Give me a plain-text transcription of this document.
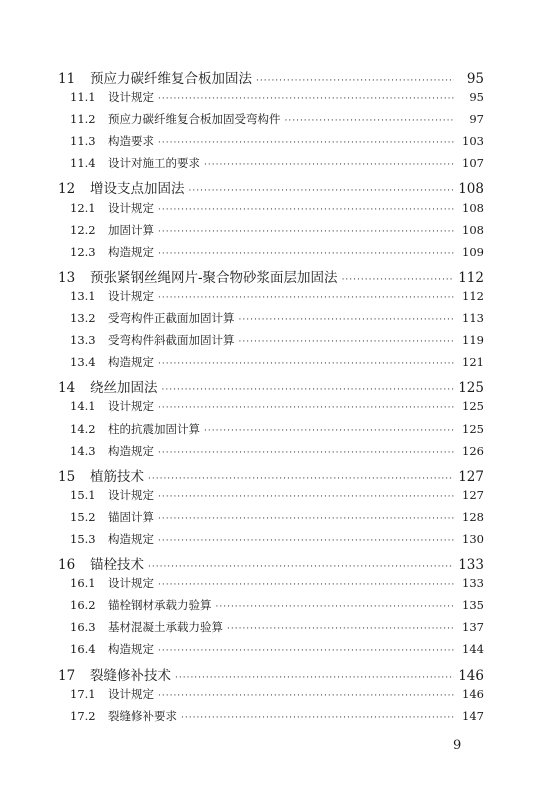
11	预应力碳纤维复合板加固法 ·····	95
11.1	设计规定 ·····	95
11.2	预应力碳纤维复合板加固受弯构件 ·····	97
11.3	构造要求 ·····	103
11.4	设计对施工的要求 ·····	107
12	增设支点加固法 ·····	108
12.1	设计规定 ·····	108
12.2	加固计算 ·····	108
12.3	构造规定 ·····	109
13	预张紧钢丝绳网片-聚合物砂浆面层加固法 ·····	112
13.1	设计规定 ·····	112
13.2	受弯构件正截面加固计算 ·····	113
13.3	受弯构件斜截面加固计算 ·····	119
13.4	构造规定 ·····	121
14	绕丝加固法 ·····	125
14.1	设计规定 ·····	125
14.2	柱的抗震加固计算 ·····	125
14.3	构造规定 ·····	126
15	植筋技术 ·····	127
15.1	设计规定 ·····	127
15.2	锚固计算 ·····	128
15.3	构造规定 ·····	130
16	锚栓技术 ·····	133
16.1	设计规定 ·····	133
16.2	锚栓钢材承载力验算 ·····	135
16.3	基材混凝土承载力验算 ·····	137
16.4	构造规定 ·····	144
17	裂缝修补技术 ·····	146
17.1	设计规定 ·····	146
17.2	裂缝修补要求 ·····	147
9
